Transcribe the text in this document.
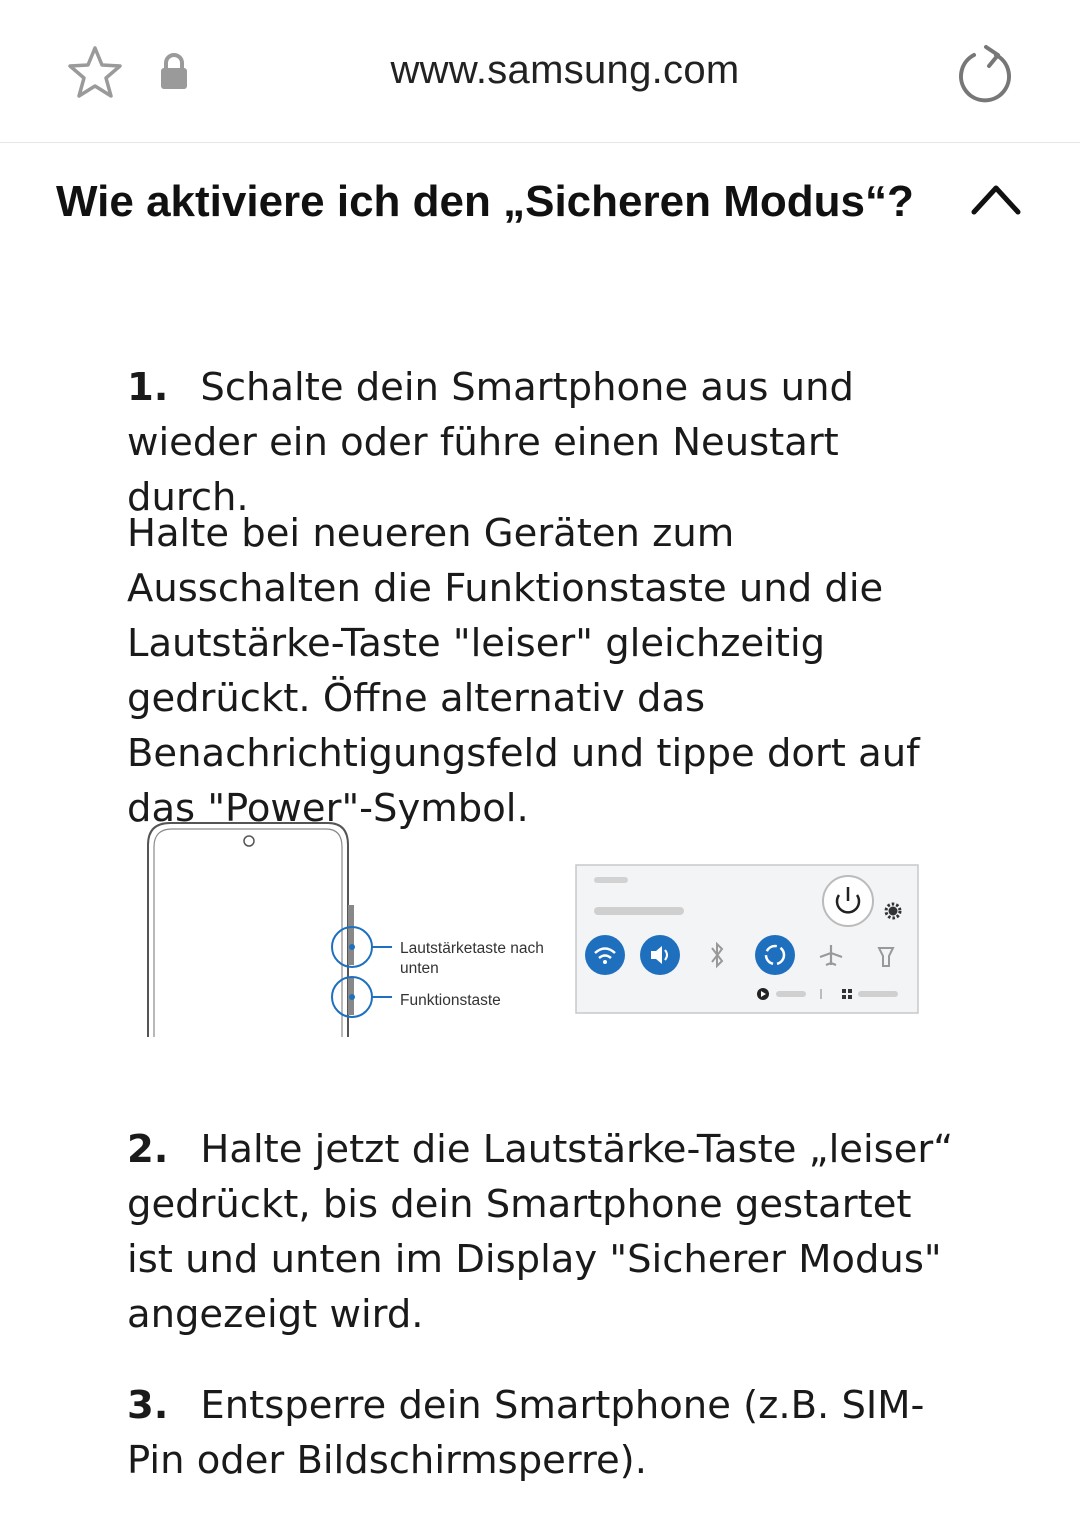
www.samsung.com
Wie aktiviere ich den „Sicheren Modus“?

1. Schalte dein Smartphone aus und wieder ein oder führe einen Neustart durch.

Halte bei neueren Geräten zum Ausschalten die Funktionstaste und die Lautstärke-Taste "leiser" gleichzeitig gedrückt. Öffne alternativ das Benachrichtigungsfeld und tippe dort auf das "Power"-Symbol.

Lautstärketaste nach
unten
Funktionstaste

2. Halte jetzt die Lautstärke-Taste „leiser“ gedrückt, bis dein Smartphone gestartet ist und unten im Display "Sicherer Modus" angezeigt wird.

3. Entsperre dein Smartphone (z.B. SIM-Pin oder Bildschirmsperre).
